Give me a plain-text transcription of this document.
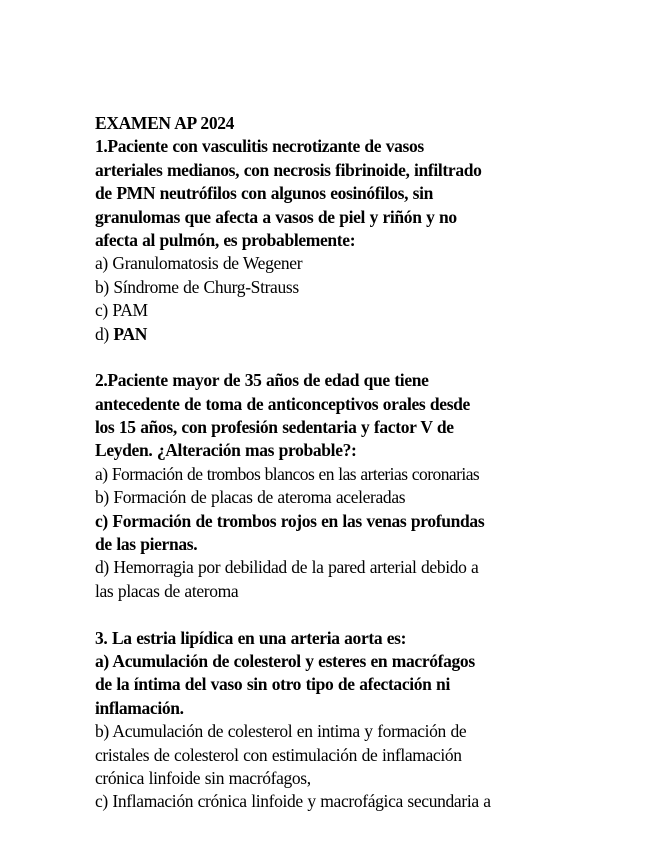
EXAMEN AP 2024
1.Paciente con vasculitis necrotizante de vasos
arteriales medianos, con necrosis fibrinoide, infiltrado
de PMN neutrófilos con algunos eosinófilos, sin
granulomas que afecta a vasos de piel y riñón y no
afecta al pulmón, es probablemente:
a) Granulomatosis de Wegener
b) Síndrome de Churg-Strauss
c) PAM
d) PAN
2.Paciente mayor de 35 años de edad que tiene
antecedente de toma de anticonceptivos orales desde
los 15 años, con profesión sedentaria y factor V de
Leyden. ¿Alteración mas probable?:
a) Formación de trombos blancos en las arterias coronarias
b) Formación de placas de ateroma aceleradas
c) Formación de trombos rojos en las venas profundas
de las piernas.
d) Hemorragia por debilidad de la pared arterial debido a
las placas de ateroma
3. La estria lipídica en una arteria aorta es:
a) Acumulación de colesterol y esteres en macrófagos
de la íntima del vaso sin otro tipo de afectación ni
inflamación.
b) Acumulación de colesterol en intima y formación de
cristales de colesterol con estimulación de inflamación
crónica linfoide sin macrófagos,
c) Inflamación crónica linfoide y macrofágica secundaria a
